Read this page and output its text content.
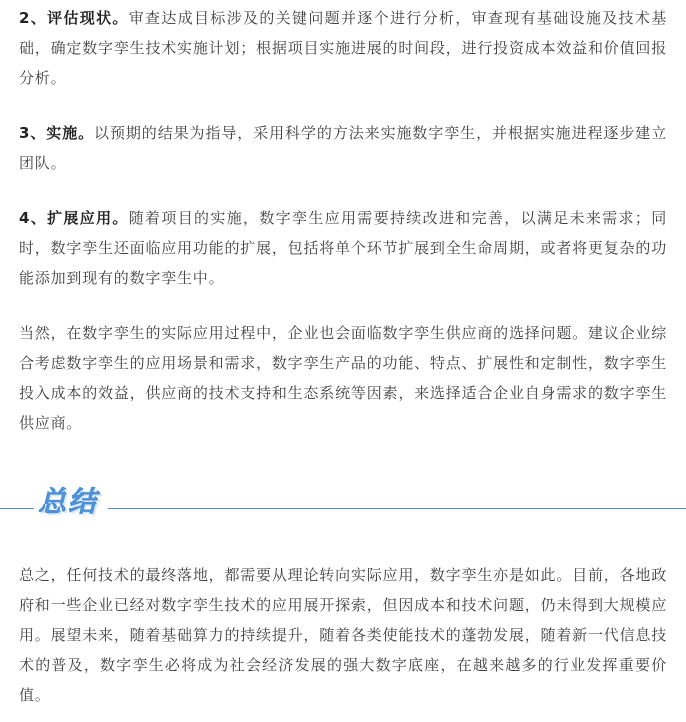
2、评估现状。审查达成目标涉及的关键问题并逐个进行分析，审查现有基础设施及技术基础，确定数字孪生技术实施计划；根据项目实施进展的时间段，进行投资成本效益和价值回报分析。

3、实施。以预期的结果为指导，采用科学的方法来实施数字孪生，并根据实施进程逐步建立团队。

4、扩展应用。随着项目的实施，数字孪生应用需要持续改进和完善，以满足未来需求；同时，数字孪生还面临应用功能的扩展，包括将单个环节扩展到全生命周期，或者将更复杂的功能添加到现有的数字孪生中。

当然，在数字孪生的实际应用过程中，企业也会面临数字孪生供应商的选择问题。建议企业综合考虑数字孪生的应用场景和需求，数字孪生产品的功能、特点、扩展性和定制性，数字孪生投入成本的效益，供应商的技术支持和生态系统等因素，来选择适合企业自身需求的数字孪生供应商。

总结

总之，任何技术的最终落地，都需要从理论转向实际应用，数字孪生亦是如此。目前，各地政府和一些企业已经对数字孪生技术的应用展开探索，但因成本和技术问题，仍未得到大规模应用。展望未来，随着基础算力的持续提升，随着各类使能技术的蓬勃发展，随着新一代信息技术的普及，数字孪生必将成为社会经济发展的强大数字底座，在越来越多的行业发挥重要价值。
